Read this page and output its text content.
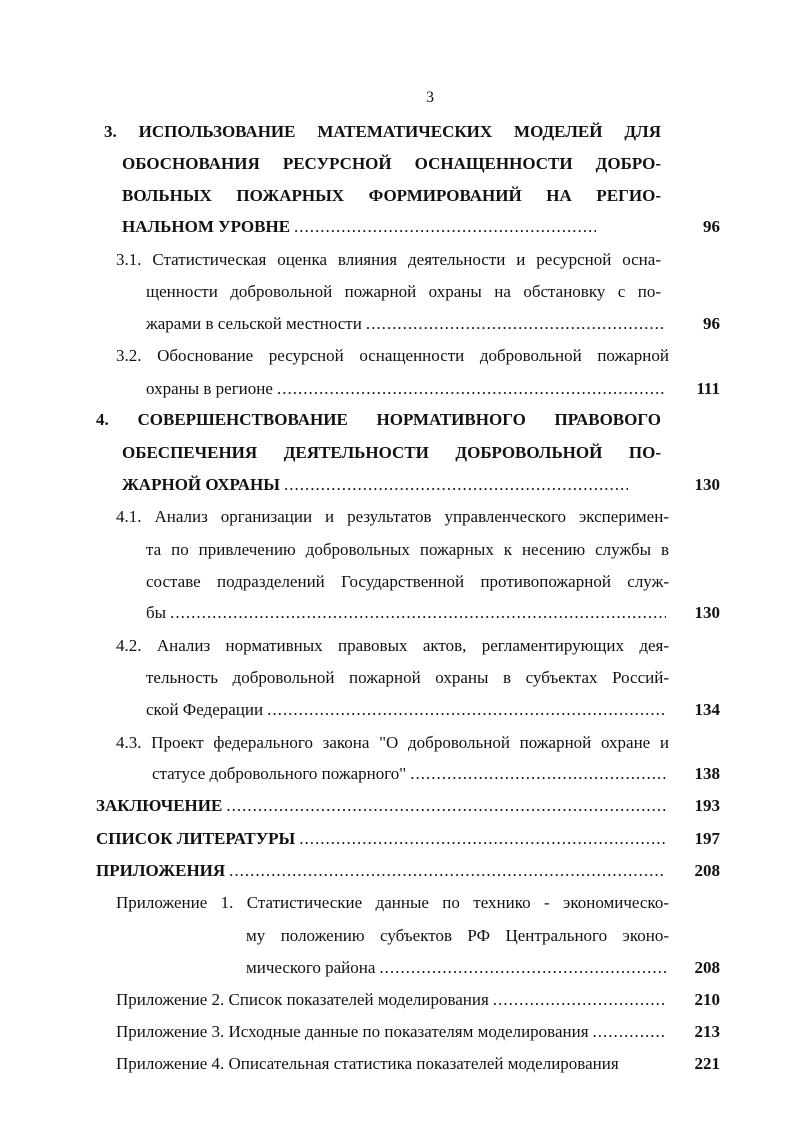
3
3. ИСПОЛЬЗОВАНИЕ МАТЕМАТИЧЕСКИХ МОДЕЛЕЙ ДЛЯ
ОБОСНОВАНИЯ РЕСУРСНОЙ ОСНАЩЕННОСТИ ДОБРО-
ВОЛЬНЫХ ПОЖАРНЫХ ФОРМИРОВАНИЙ НА РЕГИО-
НАЛЬНОМ УРОВНЕ .....	96
3.1. Статистическая оценка влияния деятельности и ресурсной осна-
щенности добровольной пожарной охраны на обстановку с по-
жарами в сельской местности .....	96
3.2. Обоснование ресурсной оснащенности добровольной пожарной
охраны в регионе .....	111
4. СОВЕРШЕНСТВОВАНИЕ НОРМАТИВНОГО ПРАВОВОГО
ОБЕСПЕЧЕНИЯ ДЕЯТЕЛЬНОСТИ ДОБРОВОЛЬНОЙ ПО-
ЖАРНОЙ ОХРАНЫ .....	130
4.1. Анализ организации и результатов управленческого эксперимен-
та по привлечению добровольных пожарных к несению службы в
составе подразделений Государственной противопожарной служ-
бы .....	130
4.2. Анализ нормативных правовых актов, регламентирующих дея-
тельность добровольной пожарной охраны в субъектах Россий-
ской Федерации .....	134
4.3. Проект федерального закона "О добровольной пожарной охране и
статусе добровольного пожарного" .....	138
ЗАКЛЮЧЕНИЕ .....	193
СПИСОК ЛИТЕРАТУРЫ .....	197
ПРИЛОЖЕНИЯ .....	208
Приложение 1. Статистические данные по технико - экономическо-
му положению субъектов РФ Центрального эконо-
мического района .....	208
Приложение 2. Список показателей моделирования .....	210
Приложение 3. Исходные данные по показателям моделирования .....	213
Приложение 4. Описательная статистика показателей моделирования	221
